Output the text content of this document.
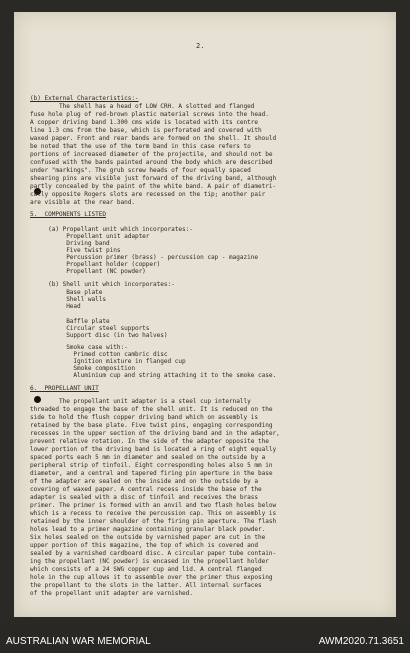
2.
(b) External Characteristics:-
The shell has a head of LOW CRH. A slotted and flanged
fuse hole plug of red-brown plastic material screws into the head.
A copper driving band 1.300 cms wide is located with its centre
line 1.3 cms from the base, which is perforated and covered with
waxed paper. Front and rear bands are formed on the shell. It should
be noted that the use of the term band in this case refers to
portions of increased diameter of the projectile, and should not be
confused with the bands painted around the body which are described
under "markings". The grub screw heads of four equally spaced
shearing pins are visible just forward of the driving band, although
partly concealed by the paint of the white band. A pair of diametri-
cally opposite Rogers slots are recessed on the tip; another pair
are visible at the rear band.
5.  COMPONENTS LISTED
(a) Propellant unit which incorporates:-
Propellant unit adapter
Driving band
Five twist pins
Percussion primer (brass) - percussion cap - magazine
Propellant holder (copper)
Propellant (NC powder)
(b) Shell unit which incorporates:-
Base plate
Shell walls
Head
Baffle plate
Circular steel supports
Support disc (in two halves)
Smoke case with:-
Primed cotton cambric disc
Ignition mixture in flanged cup
Smoke composition
Aluminium cup and string attaching it to the smoke case.
6.  PROPELLANT UNIT
The propellant unit adapter is a steel cup internally
threaded to engage the base of the shell unit. It is reduced on the
side to hold the flush copper driving band which on assembly is
retained by the base plate. Five twist pins, engaging corresponding
recesses in the upper section of the driving band and in the adapter,
prevent relative rotation. In the side of the adapter opposite the
lower portion of the driving band is located a ring of eight equally
spaced ports each 5 mm in diameter and sealed on the outside by a
peripheral strip of tinfoil. Eight corresponding holes also 5 mm in
diameter, and a central and tapered firing pin aperture in the base
of the adapter are sealed on the inside and on the outside by a
covering of waxed paper. A central recess inside the base of the
adapter is sealed with a disc of tinfoil and receives the brass
primer. The primer is formed with an anvil and two flash holes below
which is a recess to receive the percussion cap. This on assembly is
retained by the inner shoulder of the firing pin aperture. The flash
holes lead to a primer magazine containing granular black powder.
Six holes sealed on the outside by varnished paper are cut in the
upper portion of this magazine, the top of which is covered and
sealed by a varnished cardboard disc. A circular paper tube contain-
ing the propellant (NC powder) is encased in the propellant holder
which consists of a 24 SWG copper cup and lid. A central flanged
hole in the cup allows it to assemble over the primer thus exposing
the propellant to the slots in the latter. All internal surfaces
of the propellant unit adapter are varnished.
AUSTRALIAN WAR MEMORIAL	AWM2020.71.3651
